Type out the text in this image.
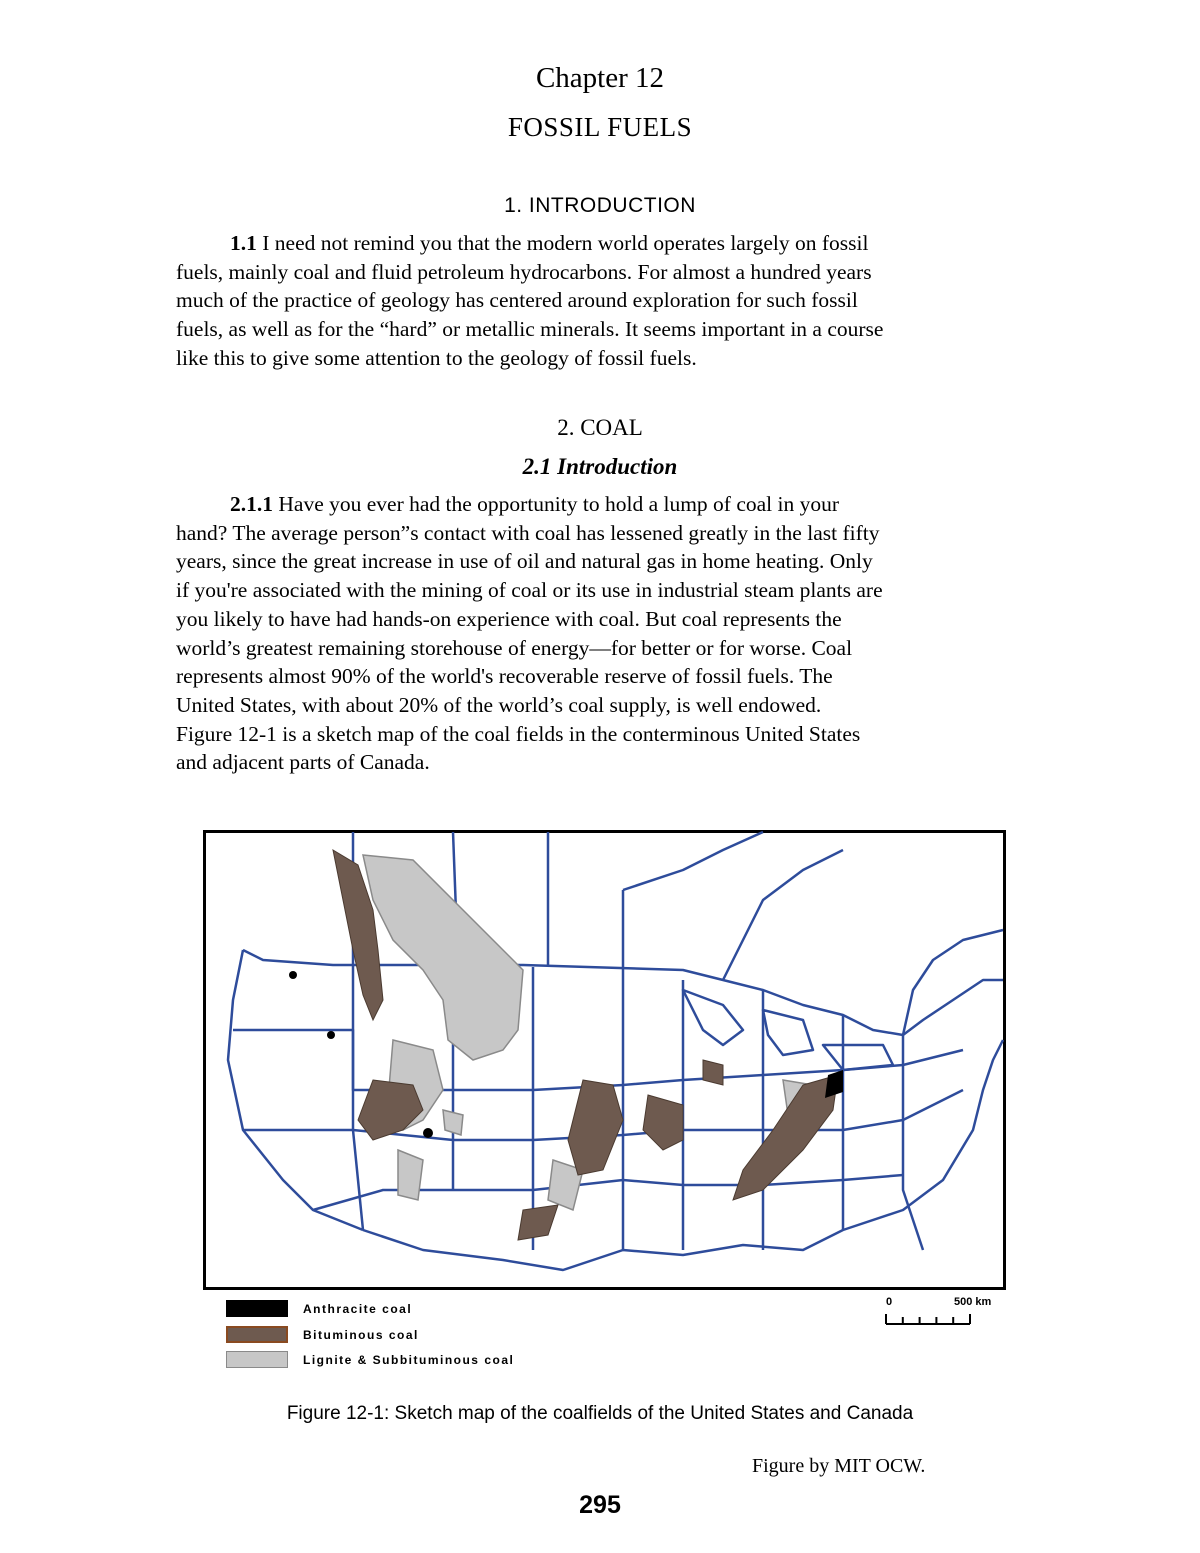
Chapter 12
FOSSIL FUELS
1. INTRODUCTION
1.1 I need not remind you that the modern world operates largely on fossil
fuels, mainly coal and fluid petroleum hydrocarbons. For almost a hundred years
much of the practice of geology has centered around exploration for such fossil
fuels, as well as for the “hard” or metallic minerals. It seems important in a course
like this to give some attention to the geology of fossil fuels.
2. COAL
2.1 Introduction
2.1.1 Have you ever had the opportunity to hold a lump of coal in your
hand? The average person”s contact with coal has lessened greatly in the last fifty
years, since the great increase in use of oil and natural gas in home heating. Only
if you're associated with the mining of coal or its use in industrial steam plants are
you likely to have had hands-on experience with coal. But coal represents the
world’s greatest remaining storehouse of energy—for better or for worse. Coal
represents almost 90% of the world's recoverable reserve of fossil fuels. The
United States, with about 20% of the world’s coal supply, is well endowed.
Figure 12-1 is a sketch map of the coal fields in the conterminous United States
and adjacent parts of Canada.
Anthracite coal
Bituminous coal
Lignite & Subbituminous coal
0	500 km
Figure 12-1: Sketch map of the coalfields of the United States and Canada
Figure by MIT OCW.
295
